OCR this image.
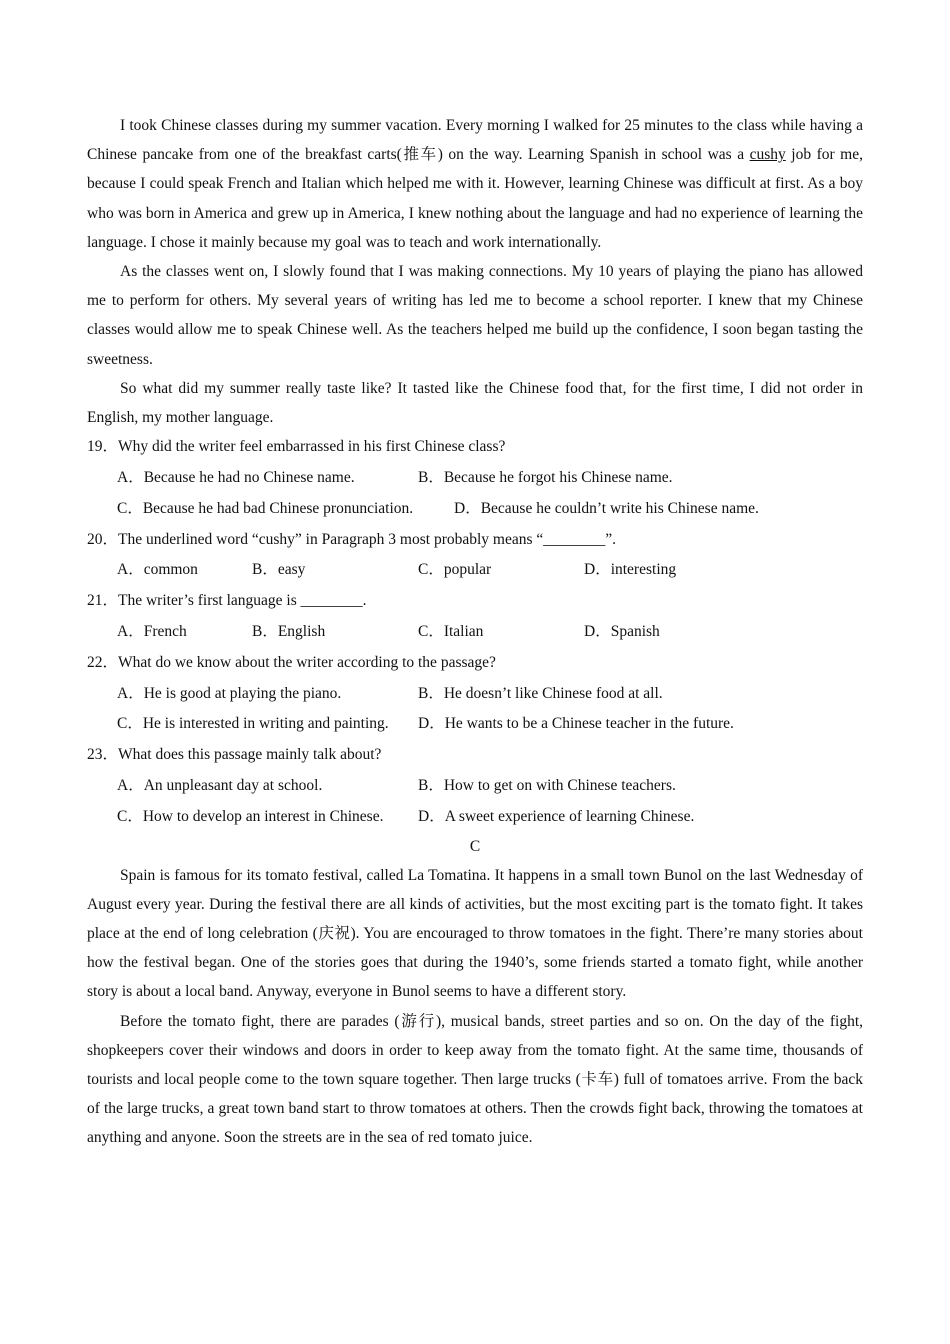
I took Chinese classes during my summer vacation. Every morning I walked for 25 minutes to the class while having a Chinese pancake from one of the breakfast carts(推车) on the way. Learning Spanish in school was a cushy job for me, because I could speak French and Italian which helped me with it. However, learning Chinese was difficult at first. As a boy who was born in America and grew up in America, I knew nothing about the language and had no experience of learning the language. I chose it mainly because my goal was to teach and work internationally.

As the classes went on, I slowly found that I was making connections. My 10 years of playing the piano has allowed me to perform for others. My several years of writing has led me to become a school reporter. I knew that my Chinese classes would allow me to speak Chinese well. As the teachers helped me build up the confidence, I soon began tasting the sweetness.

So what did my summer really taste like? It tasted like the Chinese food that, for the first time, I did not order in English, my mother language.

19．Why did the writer feel embarrassed in his first Chinese class?

A．Because he had no Chinese name.	B．Because he forgot his Chinese name.
C．Because he had bad Chinese pronunciation.	D．Because he couldn’t write his Chinese name.

20．The underlined word “cushy” in Paragraph 3 most probably means “________”.

A．common	B．easy	C．popular	D．interesting

21．The writer’s first language is ________.

A．French	B．English	C．Italian	D．Spanish

22．What do we know about the writer according to the passage?

A．He is good at playing the piano.	B．He doesn’t like Chinese food at all.
C．He is interested in writing and painting. D．He wants to be a Chinese teacher in the future.

23．What does this passage mainly talk about?

A．An unpleasant day at school.	B．How to get on with Chinese teachers.
C．How to develop an interest in Chinese. D．A sweet experience of learning Chinese.

C

Spain is famous for its tomato festival, called La Tomatina. It happens in a small town Bunol on the last Wednesday of August every year. During the festival there are all kinds of activities, but the most exciting part is the tomato fight. It takes place at the end of long celebration (庆祝). You are encouraged to throw tomatoes in the fight. There’re many stories about how the festival began. One of the stories goes that during the 1940’s, some friends started a tomato fight, while another story is about a local band. Anyway, everyone in Bunol seems to have a different story.

Before the tomato fight, there are parades (游行), musical bands, street parties and so on. On the day of the fight, shopkeepers cover their windows and doors in order to keep away from the tomato fight. At the same time, thousands of tourists and local people come to the town square together. Then large trucks (卡车) full of tomatoes arrive. From the back of the large trucks, a great town band start to throw tomatoes at others. Then the crowds fight back, throwing the tomatoes at anything and anyone. Soon the streets are in the sea of red tomato juice.
